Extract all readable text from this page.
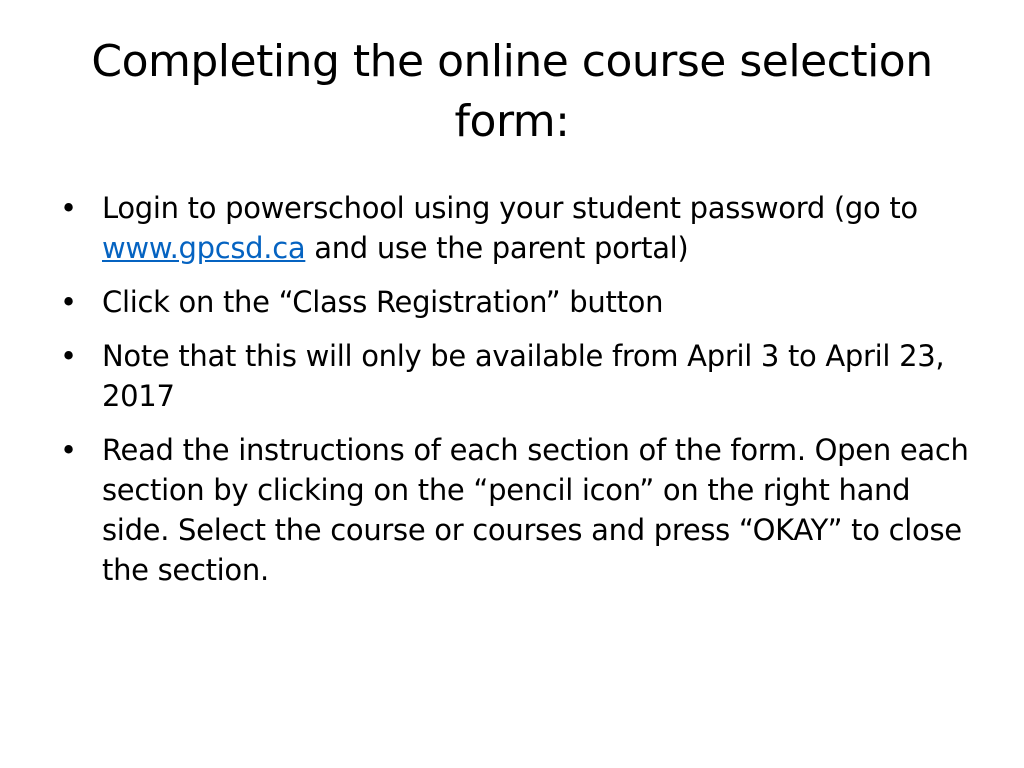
Completing the online course selection form:
• Login to powerschool using your student password (go to www.gpcsd.ca and use the parent portal)
• Click on the “Class Registration” button
• Note that this will only be available from April 3 to April 23, 2017
• Read the instructions of each section of the form. Open each section by clicking on the “pencil icon” on the right hand side. Select the course or courses and press “OKAY” to close the section.
